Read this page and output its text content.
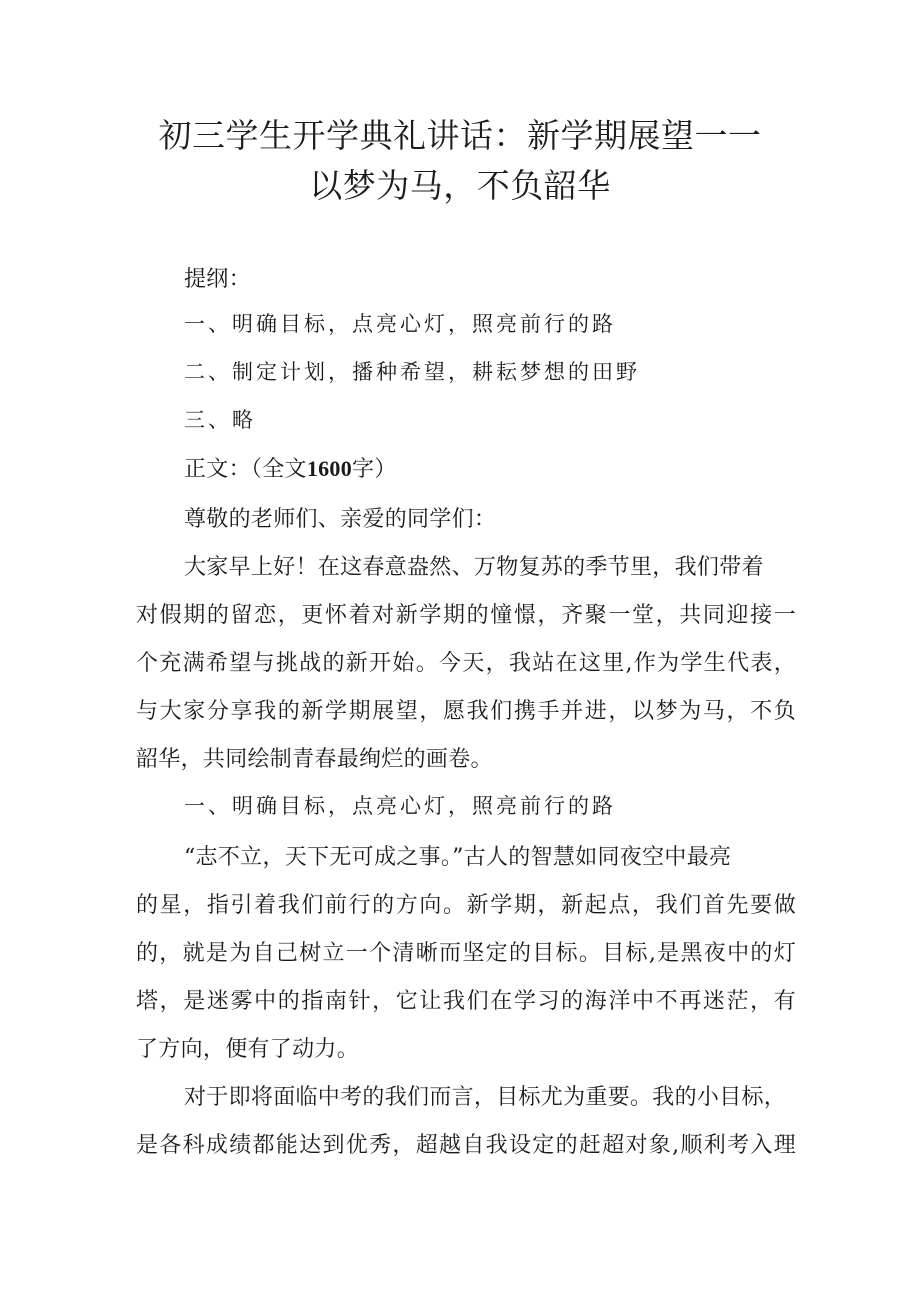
初三学生开学典礼讲话：新学期展望一一
以梦为马，不负韶华
提纲：
一、明确目标，点亮心灯，照亮前行的路
二、制定计划，播种希望，耕耘梦想的田野
三、略
正文：（全文1600字）
尊敬的老师们、亲爱的同学们：
大家早上好！在这春意盎然、万物复苏的季节里，我们带着
对假期的留恋，更怀着对新学期的憧憬，齐聚一堂，共同迎接一
个充满希望与挑战的新开始。今天，我站在这里,作为学生代表，
与大家分享我的新学期展望，愿我们携手并进，以梦为马，不负
韶华，共同绘制青春最绚烂的画卷。
一、明确目标，点亮心灯，照亮前行的路
“志不立，天下无可成之事。”古人的智慧如同夜空中最亮
的星，指引着我们前行的方向。新学期，新起点，我们首先要做
的，就是为自己树立一个清晰而坚定的目标。目标,是黑夜中的灯
塔，是迷雾中的指南针，它让我们在学习的海洋中不再迷茫，有
了方向，便有了动力。
对于即将面临中考的我们而言，目标尤为重要。我的小目标，
是各科成绩都能达到优秀，超越自我设定的赶超对象,顺利考入理
